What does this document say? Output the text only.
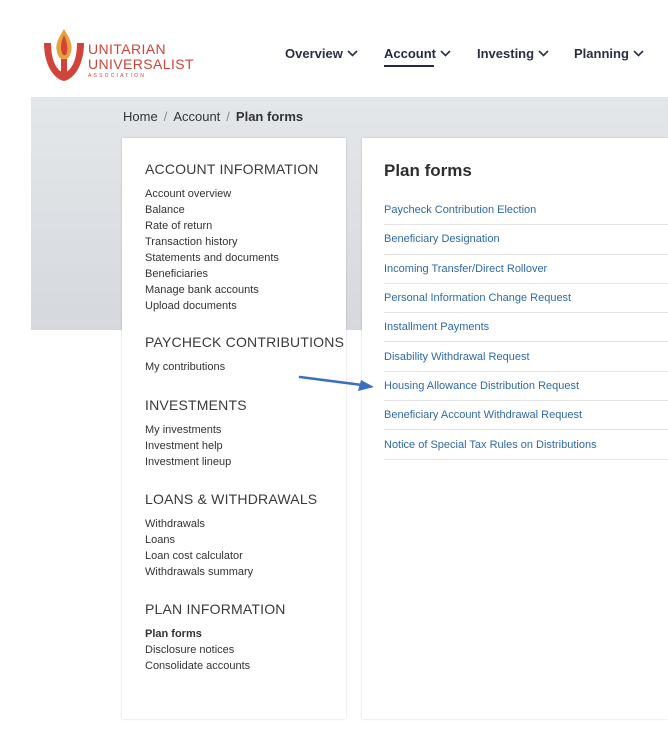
UNITARIAN
UNIVERSALIST
ASSOCIATION
Overview	Account	Investing	Planning
Home / Account / Plan forms
ACCOUNT INFORMATION
Account overview
Balance
Rate of return
Transaction history
Statements and documents
Beneficiaries
Manage bank accounts
Upload documents
PAYCHECK CONTRIBUTIONS
My contributions
INVESTMENTS
My investments
Investment help
Investment lineup
LOANS & WITHDRAWALS
Withdrawals
Loans
Loan cost calculator
Withdrawals summary
PLAN INFORMATION
Plan forms
Disclosure notices
Consolidate accounts
Plan forms
Paycheck Contribution Election
Beneficiary Designation
Incoming Transfer/Direct Rollover
Personal Information Change Request
Installment Payments
Disability Withdrawal Request
Housing Allowance Distribution Request
Beneficiary Account Withdrawal Request
Notice of Special Tax Rules on Distributions
